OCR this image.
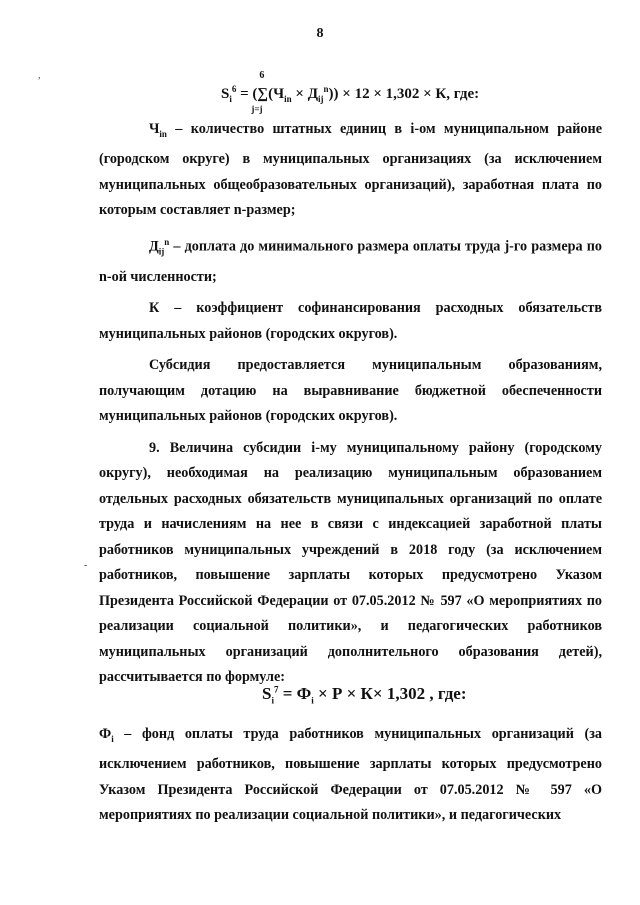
8
$S_i^6$ = (
6
∑
j=j
$(Ч_{in} \times Д_{ij}^n)) \times 12 \times 1,302 \times К$, где:

$Ч_{in}$ – количество штатных единиц в i-ом муниципальном районе (городском округе) в муниципальных организациях (за исключением муниципальных общеобразовательных организаций), заработная плата по которым составляет n-размер;

$Д_{ij}^n$ – доплата до минимального размера оплаты труда j-го размера по n-ой численности;

К – коэффициент софинансирования расходных обязательств муниципальных районов (городских округов).

Субсидия предоставляется муниципальным образованиям, получающим дотацию на выравнивание бюджетной обеспеченности муниципальных районов (городских округов).

9. Величина субсидии i-му муниципальному району (городскому округу), необходимая на реализацию муниципальным образованием отдельных расходных обязательств муниципальных организаций по оплате труда и начислениям на нее в связи с индексацией заработной платы работников муниципальных учреждений в 2018 году (за исключением работников, повышение зарплаты которых предусмотрено Указом Президента Российской Федерации от 07.05.2012 № 597 «О мероприятиях по реализации социальной политики», и педагогических работников муниципальных организаций дополнительного образования детей), рассчитывается по формуле:

$S_i^7 = Ф_i \times Р \times К\times 1,302$ , где:

$Ф_i$ – фонд оплаты труда работников муниципальных организаций (за исключением работников, повышение зарплаты которых предусмотрено Указом Президента Российской Федерации от 07.05.2012 № 597 «О мероприятиях по реализации социальной политики», и педагогических

,
-
